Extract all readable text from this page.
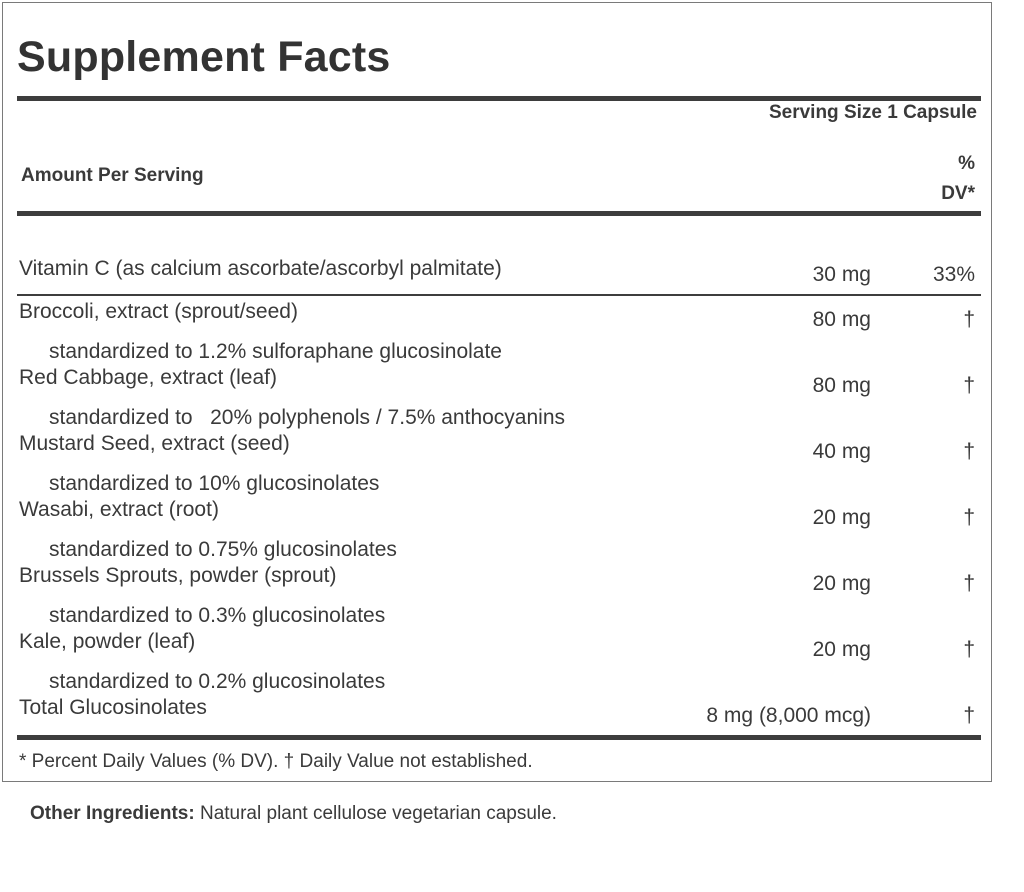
Supplement Facts
Serving Size 1 Capsule
Amount Per Serving
%
DV*
Vitamin C (as calcium ascorbate/ascorbyl palmitate)	30 mg	33%
Broccoli, extract (sprout/seed)	80 mg	†
standardized to 1.2% sulforaphane glucosinolate
Red Cabbage, extract (leaf)	80 mg	†
standardized to   20% polyphenols / 7.5% anthocyanins
Mustard Seed, extract (seed)	40 mg	†
standardized to 10% glucosinolates
Wasabi, extract (root)	20 mg	†
standardized to 0.75% glucosinolates
Brussels Sprouts, powder (sprout)	20 mg	†
standardized to 0.3% glucosinolates
Kale, powder (leaf)	20 mg	†
standardized to 0.2% glucosinolates
Total Glucosinolates	8 mg (8,000 mcg)	†
* Percent Daily Values (% DV). † Daily Value not established.
Other Ingredients: Natural plant cellulose vegetarian capsule.
